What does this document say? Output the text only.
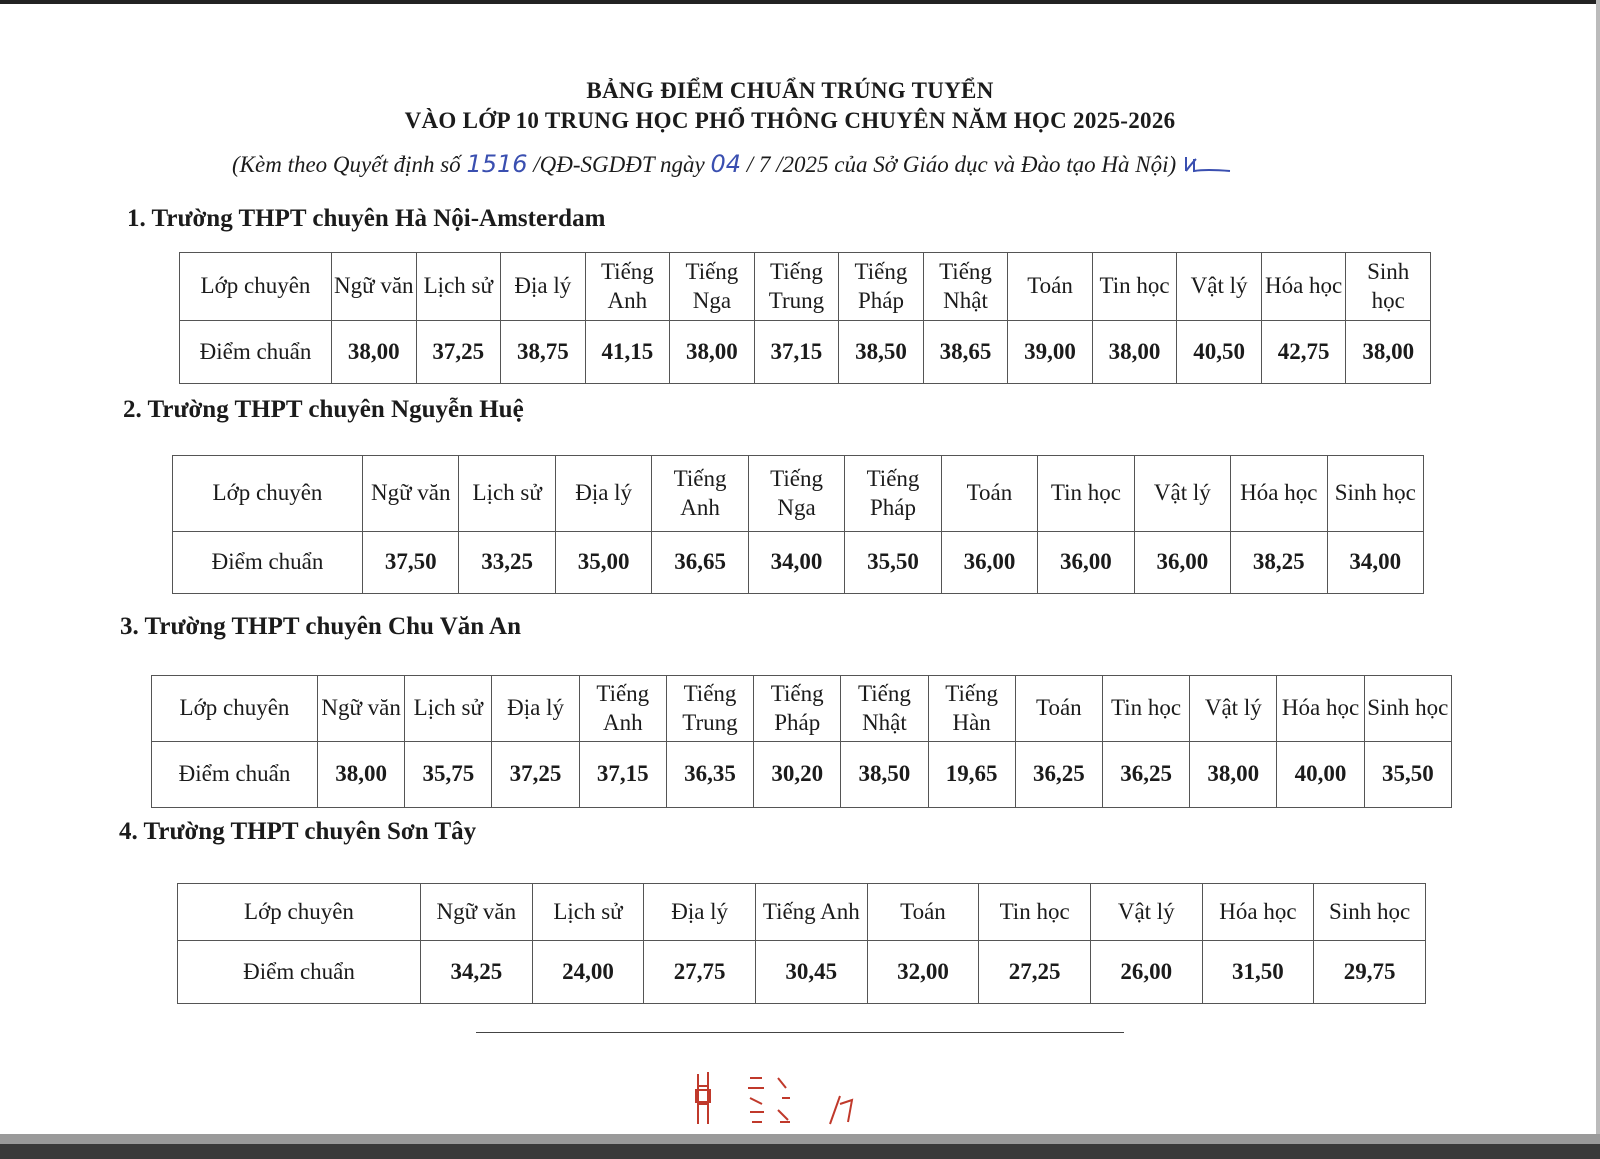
BẢNG ĐIỂM CHUẨN TRÚNG TUYỂN
VÀO LỚP 10 TRUNG HỌC PHỔ THÔNG CHUYÊN NĂM HỌC 2025-2026
(Kèm theo Quyết định số 1516 /QĐ-SGDĐT ngày 04 / 7 /2025 của Sở Giáo dục và Đào tạo Hà Nội)
1. Trường THPT chuyên Hà Nội-Amsterdam
Lớp chuyên	Ngữ văn	Lịch sử	Địa lý	Tiếng Anh	Tiếng Nga	Tiếng Trung	Tiếng Pháp	Tiếng Nhật	Toán	Tin học	Vật lý	Hóa học	Sinh học
Điểm chuẩn	38,00	37,25	38,75	41,15	38,00	37,15	38,50	38,65	39,00	38,00	40,50	42,75	38,00
2. Trường THPT chuyên Nguyễn Huệ
Lớp chuyên	Ngữ văn	Lịch sử	Địa lý	Tiếng Anh	Tiếng Nga	Tiếng Pháp	Toán	Tin học	Vật lý	Hóa học	Sinh học
Điểm chuẩn	37,50	33,25	35,00	36,65	34,00	35,50	36,00	36,00	36,00	38,25	34,00
3. Trường THPT chuyên Chu Văn An
Lớp chuyên	Ngữ văn	Lịch sử	Địa lý	Tiếng Anh	Tiếng Trung	Tiếng Pháp	Tiếng Nhật	Tiếng Hàn	Toán	Tin học	Vật lý	Hóa học	Sinh học
Điểm chuẩn	38,00	35,75	37,25	37,15	36,35	30,20	38,50	19,65	36,25	36,25	38,00	40,00	35,50
4. Trường THPT chuyên Sơn Tây
Lớp chuyên	Ngữ văn	Lịch sử	Địa lý	Tiếng Anh	Toán	Tin học	Vật lý	Hóa học	Sinh học
Điểm chuẩn	34,25	24,00	27,75	30,45	32,00	27,25	26,00	31,50	29,75
